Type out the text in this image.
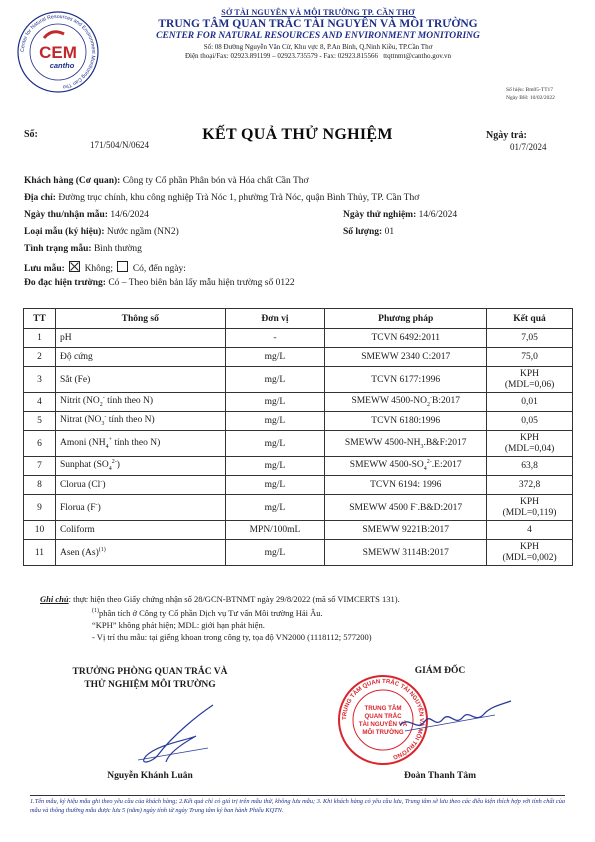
Center for Natural Resources and Environment Monitoring Can Tho
CEM
cantho
SỞ TÀI NGUYÊN VÀ MÔI TRƯỜNG TP. CẦN THƠ
TRUNG TÂM QUAN TRẮC TÀI NGUYÊN VÀ MÔI TRƯỜNG
CENTER FOR NATURAL RESOURCES AND ENVIRONMENT MONITORING
Số: 08 Đường Nguyễn Văn Cừ, Khu vực 8, P.An Bình, Q.Ninh Kiều, TP.Cần Thơ
Điện thoại/Fax: 02923.891199 – 02923.735579 - Fax: 02923.815566 ttqttnmt@cantho.gov.vn
Số hiệu: Bm05-TT17
Ngày BH: 10/02/2022
Số:
171/504/N/0624
KẾT QUẢ THỬ NGHIỆM	Ngày trả:
01/7/2024
Khách hàng (Cơ quan): Công ty Cổ phần Phân bón và Hóa chất Cần Thơ
Địa chỉ: Đường trục chính, khu công nghiệp Trà Nóc 1, phường Trà Nóc, quận Bình Thủy, TP. Cần Thơ
Ngày thu/nhận mẫu: 14/6/2024	Ngày thử nghiệm: 14/6/2024
Loại mẫu (ký hiệu): Nước ngầm (NN2)	Số lượng: 01
Tình trạng mẫu: Bình thường
Lưu mẫu: Không; Có, đến ngày:
Đo đạc hiện trường: Có – Theo biên bản lấy mẫu hiện trường số 0122
TT	Thông số	Đơn vị	Phương pháp	Kết quả
1	pH	-	TCVN 6492:2011	7,05

2	Độ cứng	mg/L	SMEWW 2340 C:2017	75,0

3	Sắt (Fe)	mg/L	TCVN 6177:1996	KPH
(MDL=0,06)

4	Nitrit ($NO_2^-$ tính theo N)	mg/L	SMEWW $4500-NO_2^-B:2017$	0,01

5	Nitrat ($NO_3^-$ tính theo N)	mg/L	TCVN 6180:1996	0,05

6	Amoni ($NH_4^+$ tính theo N)	mg/L	SMEWW $4500-NH_3.B\&F:2017$	KPH
(MDL=0,04)

7	Sunphat $(SO_4^{2-})$	mg/L	SMEWW $4500-SO_4^{2-}.E:2017$	63,8

8	Clorua (Cl-)	mg/L	TCVN 6194: 1996	372,8

9	Florua (F-)	mg/L	SMEWW 4500 F-.B&D:2017	KPH
(MDL=0,119)

10	Coliform	MPN/100mL	SMEWW 9221B:2017	4

11	Asen $(As)^{(1)}$	mg/L	SMEWW 3114B:2017	KPH
(MDL=0,002)
Ghi chú: thực hiện theo Giấy chứng nhận số 28/GCN-BTNMT ngày 29/8/2022 (mã số VIMCERTS 131).
$^{(1)}$phân tích ở Công ty Cổ phần Dịch vụ Tư vấn Môi trường Hải Âu.
“KPH” không phát hiện; MDL: giới hạn phát hiện.
- Vị trí thu mẫu: tại giếng khoan trong công ty, tọa độ VN2000 (1118112; 577200)
TRƯỞNG PHÒNG QUAN TRẮC VÀ
THỬ NGHIỆM MÔI TRƯỜNG
GIÁM ĐỐC
TRUNG TÂM QUAN TRẮC TÀI NGUYÊN VÀ MÔI TRƯỜNG
TRUNG TÂM
QUAN TRẮC
TÀI NGUYÊN VÀ
MÔI TRƯỜNG
Nguyễn Khánh Luân	Đoàn Thanh Tâm
1.Tên mẫu, ký hiệu mẫu ghi theo yêu cầu của khách hàng; 2.Kết quả chỉ có giá trị trên mẫu thử, không lưu mẫu; 3. Khi khách hàng có yêu cầu lưu, Trung tâm sẽ lưu theo các điều kiện thích hợp với tính chất của mẫu và thông thường mẫu được lưu 5 (năm) ngày tính từ ngày Trung tâm ký ban hành Phiếu KQTN.
